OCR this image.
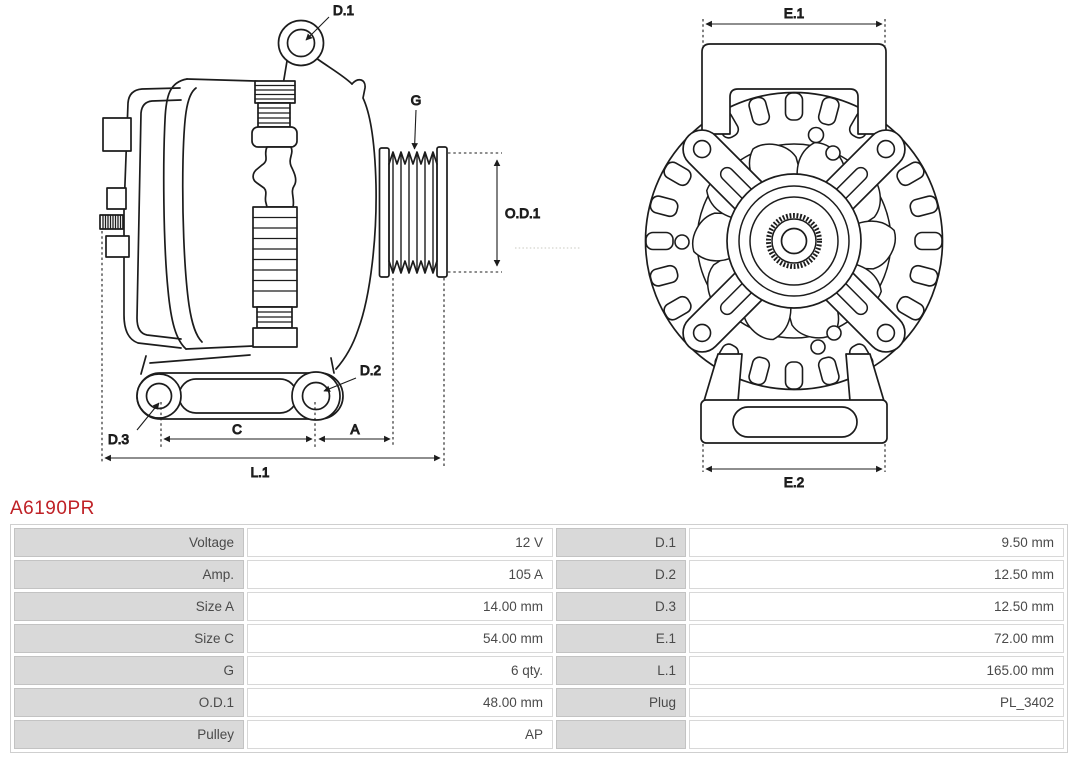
D.1
G
O.D.1
D.2
D.3
C	A
L.1
E.1
E.2
A6190PR
Voltage	12 V	D.1	9.50 mm
Amp.	105 A	D.2	12.50 mm
Size A	14.00 mm	D.3	12.50 mm
Size C	54.00 mm	E.1	72.00 mm
G	6 qty.	L.1	165.00 mm
O.D.1	48.00 mm	Plug	PL_3402
Pulley	AP		
